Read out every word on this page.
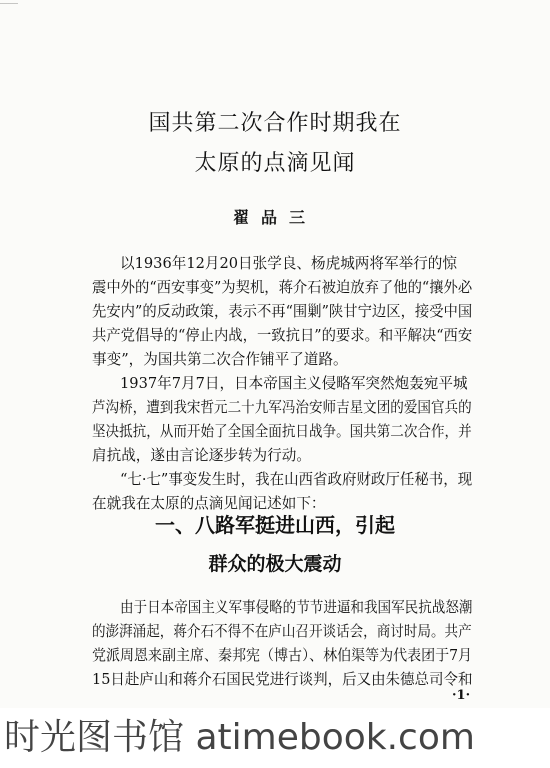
………
国共第二次合作时期我在
太原的点滴见闻
翟品三
以1936年12月20日张学良、杨虎城两将军举行的惊
震中外的“西安事变”为契机，蒋介石被迫放弃了他的“攘外必
先安内”的反动政策，表示不再“围剿”陕甘宁边区，接受中国
共产党倡导的“停止内战，一致抗日”的要求。和平解决“西安
事变”，为国共第二次合作铺平了道路。
1937年7月7日，日本帝国主义侵略军突然炮轰宛平城
芦沟桥，遭到我宋哲元二十九军冯治安师吉星文团的爱国官兵的
坚决抵抗，从而开始了全国全面抗日战争。国共第二次合作，并
肩抗战，遂由言论逐步转为行动。
“七·七”事变发生时，我在山西省政府财政厅任秘书，现
在就我在太原的点滴见闻记述如下：
一、八路军挺进山西，引起
群众的极大震动
由于日本帝国主义军事侵略的节节进逼和我国军民抗战怒潮
的澎湃涌起，蒋介石不得不在庐山召开谈话会，商讨时局。共产
党派周恩来副主席、秦邦宪（博古）、林伯渠等为代表团于7月
15日赴庐山和蒋介石国民党进行谈判，后又由朱德总司令和
·1·
时光图书馆 atimebook.com
